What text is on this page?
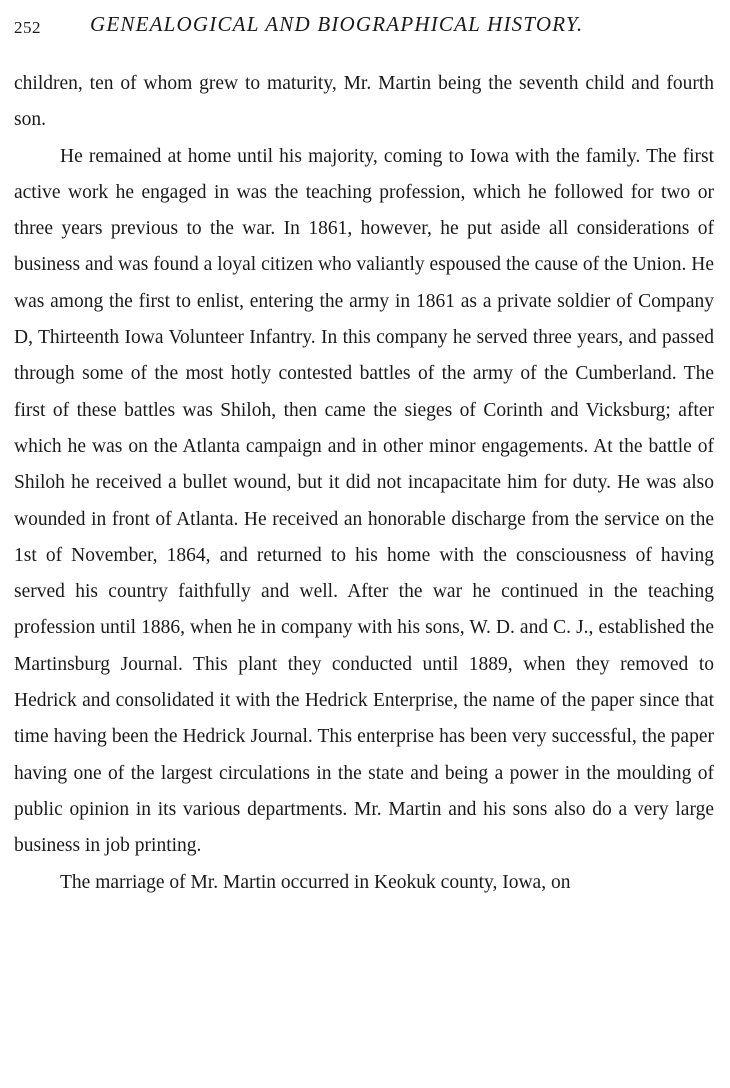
252 GENEALOGICAL AND BIOGRAPHICAL HISTORY.

children, ten of whom grew to maturity, Mr. Martin being the seventh child and fourth son.

He remained at home until his majority, coming to Iowa with the family. The first active work he engaged in was the teaching profession, which he followed for two or three years previous to the war. In 1861, however, he put aside all considerations of business and was found a loyal citizen who valiantly espoused the cause of the Union. He was among the first to enlist, entering the army in 1861 as a private soldier of Company D, Thirteenth Iowa Volunteer Infantry. In this company he served three years, and passed through some of the most hotly contested battles of the army of the Cumberland. The first of these battles was Shiloh, then came the sieges of Corinth and Vicksburg; after which he was on the Atlanta campaign and in other minor engagements. At the battle of Shiloh he received a bullet wound, but it did not incapacitate him for duty. He was also wounded in front of Atlanta. He received an honorable discharge from the service on the 1st of November, 1864, and returned to his home with the consciousness of having served his country faithfully and well. After the war he continued in the teaching profession until 1886, when he in company with his sons, W. D. and C. J., established the Martinsburg Journal. This plant they conducted until 1889, when they removed to Hedrick and consolidated it with the Hedrick Enterprise, the name of the paper since that time having been the Hedrick Journal. This enterprise has been very successful, the paper having one of the largest circulations in the state and being a power in the moulding of public opinion in its various departments. Mr. Martin and his sons also do a very large business in job printing.

The marriage of Mr. Martin occurred in Keokuk county, Iowa, on
